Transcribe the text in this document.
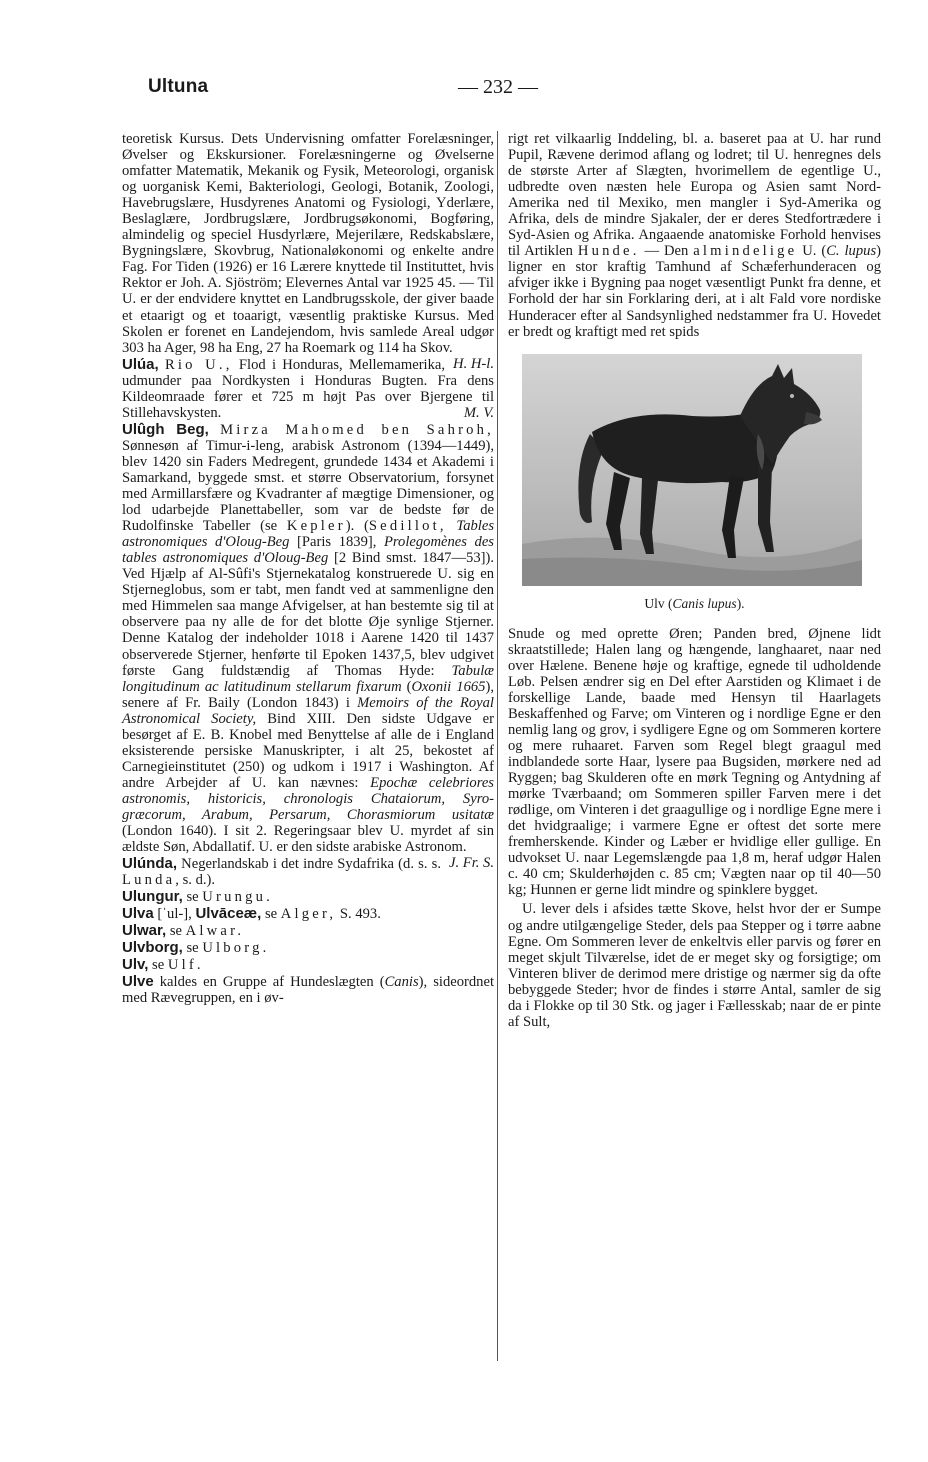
Ultuna	— 232 —

teoretisk Kursus. Dets Undervisning omfatter Forelæsninger, Øvelser og Ekskursioner. Forelæsningerne og Øvelserne omfatter Matematik, Mekanik og Fysik, Meteorologi, organisk og uorganisk Kemi, Bakteriologi, Geologi, Botanik, Zoologi, Havebrugslære, Husdyrenes Anatomi og Fysiologi, Yderlære, Beslaglære, Jordbrugslære, Jordbrugsøkonomi, Bogføring, almindelig og speciel Husdyrlære, Mejerilære, Redskabslære, Bygningslære, Skovbrug, Nationaløkonomi og enkelte andre Fag. For Tiden (1926) er 16 Lærere knyttede til Instituttet, hvis Rektor er Joh. A. Sjöström; Elevernes Antal var 1925 45. — Til U. er der endvidere knyttet en Landbrugsskole, der giver baade et etaarigt og et toaarigt, væsentlig praktiske Kursus. Med Skolen er forenet en Landejendom, hvis samlede Areal udgør 303 ha Ager, 98 ha Eng, 27 ha Roemark og 114 ha Skov.
H. H-l.

Ulúa, Rio U., Flod i Honduras, Mellemamerika, udmunder paa Nordkysten i Honduras Bugten. Fra dens Kildeomraade fører et 725 m højt Pas over Bjergene til Stillehavskysten.	M. V.

Ulûgh Beg, Mirza Mahomed ben Sahroh, Sønnesøn af Timur-i-leng, arabisk Astronom (1394—1449), blev 1420 sin Faders Medregent, grundede 1434 et Akademi i Samarkand, byggede smst. et større Observatorium, forsynet med Armillarsfære og Kvadranter af mægtige Dimensioner, og lod udarbejde Planettabeller, som var de bedste før de Rudolfinske Tabeller (se Kepler). (Sedillot, Tables astronomiques d'Oloug-Beg [Paris 1839], Prolegomènes des tables astronomiques d'Oloug-Beg [2 Bind smst. 1847—53]). Ved Hjælp af Al-Sûfi's Stjernekatalog konstruerede U. sig en Stjerneglobus, som er tabt, men fandt ved at sammenligne den med Himmelen saa mange Afvigelser, at han bestemte sig til at observere paa ny alle de for det blotte Øje synlige Stjerner. Denne Katalog der indeholder 1018 i Aarene 1420 til 1437 observerede Stjerner, henførte til Epoken 1437,5, blev udgivet første Gang fuldstændig af Thomas Hyde: Tabulæ longitudinum ac latitudinum stellarum fixarum (Oxonii 1665), senere af Fr. Baily (London 1843) i Memoirs of the Royal Astronomical Society, Bind XIII. Den sidste Udgave er besørget af E. B. Knobel med Benyttelse af alle de i England eksisterende persiske Manuskripter, i alt 25, bekostet af Carnegieinstitutet (250) og udkom i 1917 i Washington. Af andre Arbejder af U. kan nævnes: Epochæ celebriores astronomis, historicis, chronologis Chataiorum, Syro-græcorum, Arabum, Persarum, Chorasmiorum usitatæ (London 1640). I sit 2. Regeringsaar blev U. myrdet af sin ældste Søn, Abdallatif. U. er den sidste arabiske Astronom.
J. Fr. S.

Ulúnda, Negerlandskab i det indre Sydafrika (d. s. s. Lunda, s. d.).

Ulungur, se Urungu.

Ulva [ˈul-], Ulvāceæ, se Alger, S. 493.

Ulwar, se Alwar.

Ulvborg, se Ulborg.

Ulv, se Ulf.

Ulve kaldes en Gruppe af Hundeslægten (Canis), sideordnet med Rævegruppen, en i øv-

rigt ret vilkaarlig Inddeling, bl. a. baseret paa at U. har rund Pupil, Rævene derimod aflang og lodret; til U. henregnes dels de største Arter af Slægten, hvorimellem de egentlige U., udbredte oven næsten hele Europa og Asien samt Nord-Amerika ned til Mexiko, men mangler i Syd-Amerika og Afrika, dels de mindre Sjakaler, der er deres Stedfortrædere i Syd-Asien og Afrika. Angaaende anatomiske Forhold henvises til Artiklen Hunde. — Den almindelige U. (C. lupus) ligner en stor kraftig Tamhund af Schæferhunderacen og afviger ikke i Bygning paa noget væsentligt Punkt fra denne, et Forhold der har sin Forklaring deri, at i alt Fald vore nordiske Hunderacer efter al Sandsynlighed nedstammer fra U. Hovedet er bredt og kraftigt med ret spids

Ulv (Canis lupus).

Snude og med oprette Øren; Panden bred, Øjnene lidt skraatstillede; Halen lang og hængende, langhaaret, naar ned over Hælene. Benene høje og kraftige, egnede til udholdende Løb. Pelsen ændrer sig en Del efter Aarstiden og Klimaet i de forskellige Lande, baade med Hensyn til Haarlagets Beskaffenhed og Farve; om Vinteren og i nordlige Egne er den nemlig lang og grov, i sydligere Egne og om Sommeren kortere og mere ruhaaret. Farven som Regel blegt graagul med indblandede sorte Haar, lysere paa Bugsiden, mørkere ned ad Ryggen; bag Skulderen ofte en mørk Tegning og Antydning af mørke Tværbaand; om Sommeren spiller Farven mere i det rødlige, om Vinteren i det graagullige og i nordlige Egne mere i det hvidgraalige; i varmere Egne er oftest det sorte mere fremherskende. Kinder og Læber er hvidlige eller gullige. En udvokset U. naar Legemslængde paa 1,8 m, heraf udgør Halen c. 40 cm; Skulderhøjden c. 85 cm; Vægten naar op til 40—50 kg; Hunnen er gerne lidt mindre og spinklere bygget.

U. lever dels i afsides tætte Skove, helst hvor der er Sumpe og andre utilgængelige Steder, dels paa Stepper og i tørre aabne Egne. Om Sommeren lever de enkeltvis eller parvis og fører en meget skjult Tilværelse, idet de er meget sky og forsigtige; om Vinteren bliver de derimod mere dristige og nærmer sig da ofte bebyggede Steder; hvor de findes i større Antal, samler de sig da i Flokke op til 30 Stk. og jager i Fællesskab; naar de er pinte af Sult,
